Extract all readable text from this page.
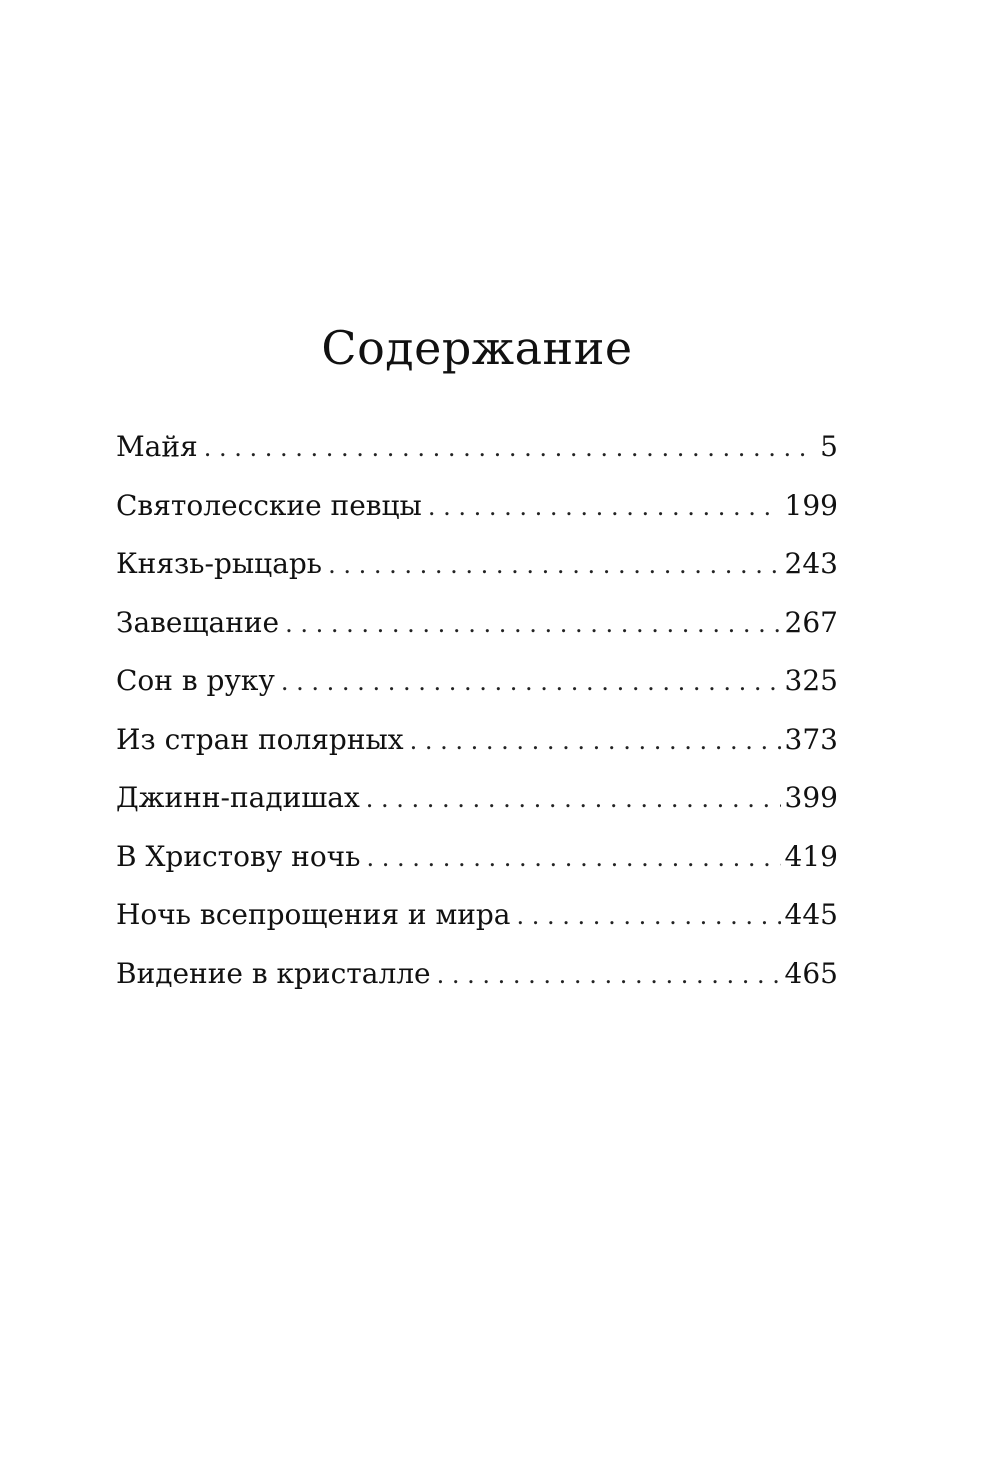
Содержание
Майя . . .	5
Святолесские певцы . . .	199
Князь-рыцарь . . .	243
Завещание . . .	267
Сон в руку . . .	325
Из стран полярных . . .	373
Джинн-падишах . . .	399
В Христову ночь . . .	419
Ночь всепрощения и мира . . .	445
Видение в кристалле . . .	465
